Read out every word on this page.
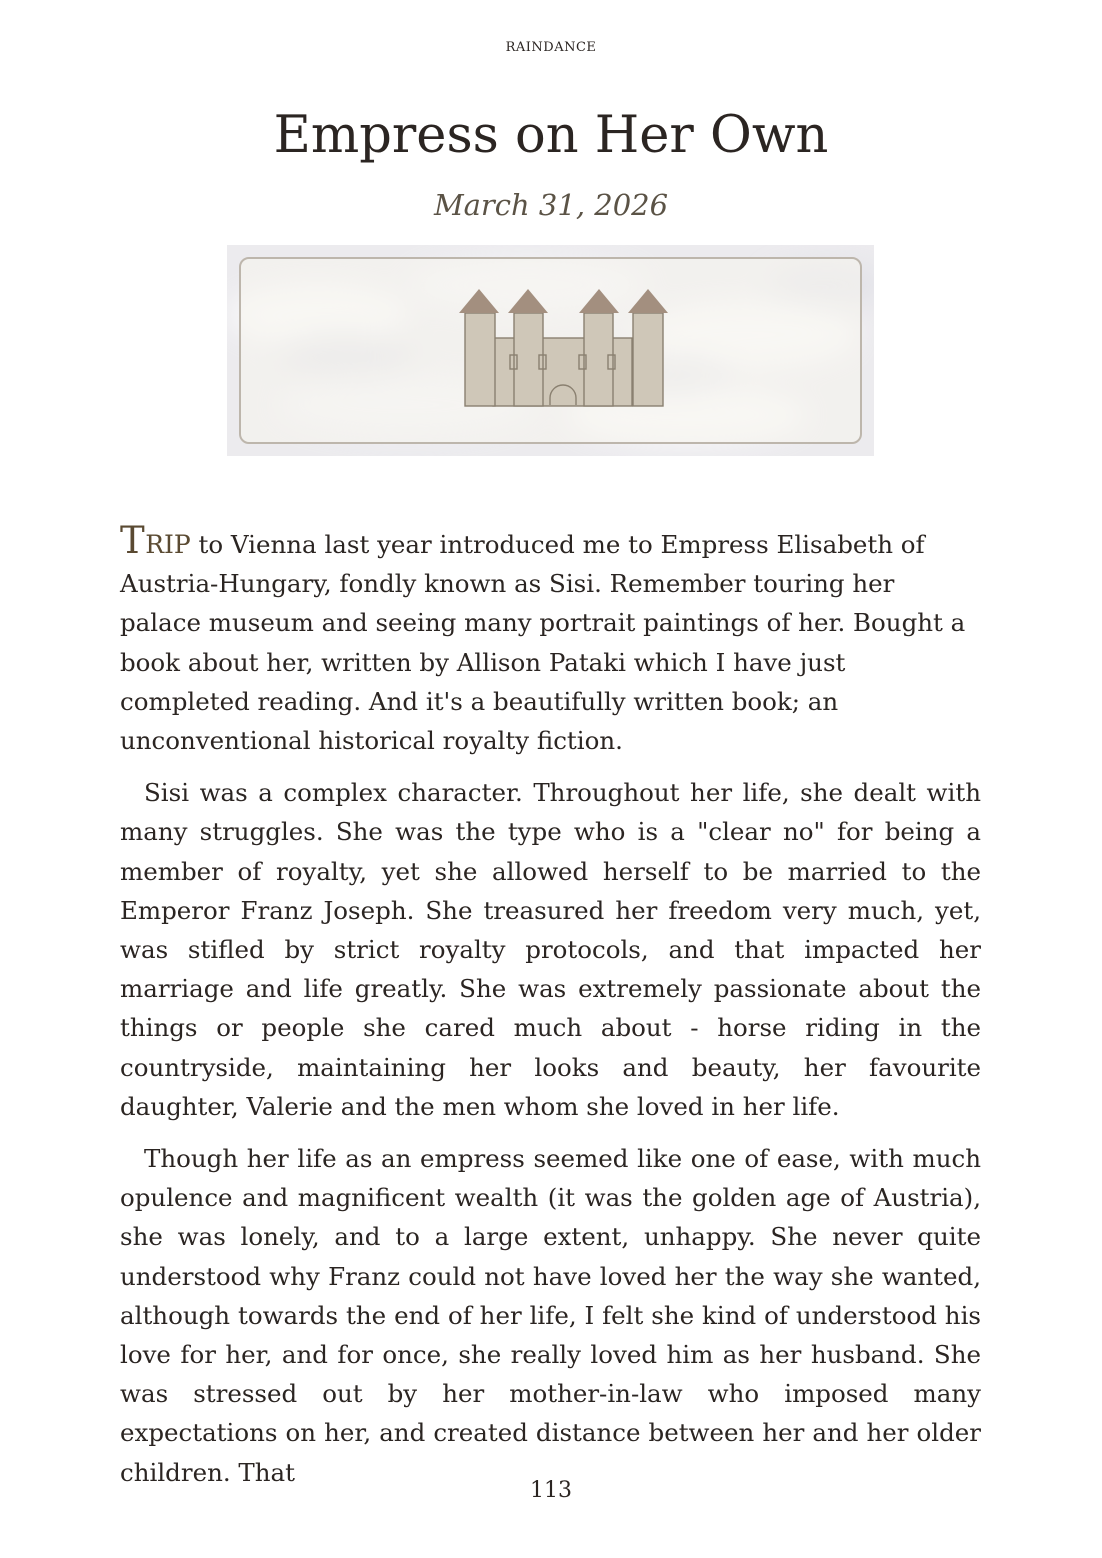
RAINDANCE
Empress on Her Own
March 31, 2026

TRIP to Vienna last year introduced me to Empress Elisabeth of Austria-Hungary, fondly known as Sisi. Remember touring her palace museum and seeing many portrait paintings of her. Bought a book about her, written by Allison Pataki which I have just completed reading. And it's a beautifully written book; an unconventional historical royalty fiction.

Sisi was a complex character. Throughout her life, she dealt with many struggles. She was the type who is a "clear no" for being a member of royalty, yet she allowed herself to be married to the Emperor Franz Joseph. She treasured her freedom very much, yet, was stifled by strict royalty protocols, and that impacted her marriage and life greatly. She was extremely passionate about the things or people she cared much about - horse riding in the countryside, maintaining her looks and beauty, her favourite daughter, Valerie and the men whom she loved in her life.

Though her life as an empress seemed like one of ease, with much opulence and magnificent wealth (it was the golden age of Austria), she was lonely, and to a large extent, unhappy. She never quite understood why Franz could not have loved her the way she wanted, although towards the end of her life, I felt she kind of understood his love for her, and for once, she really loved him as her husband. She was stressed out by her mother-in-law who imposed many expectations on her, and created distance between her and her older children. That

113
